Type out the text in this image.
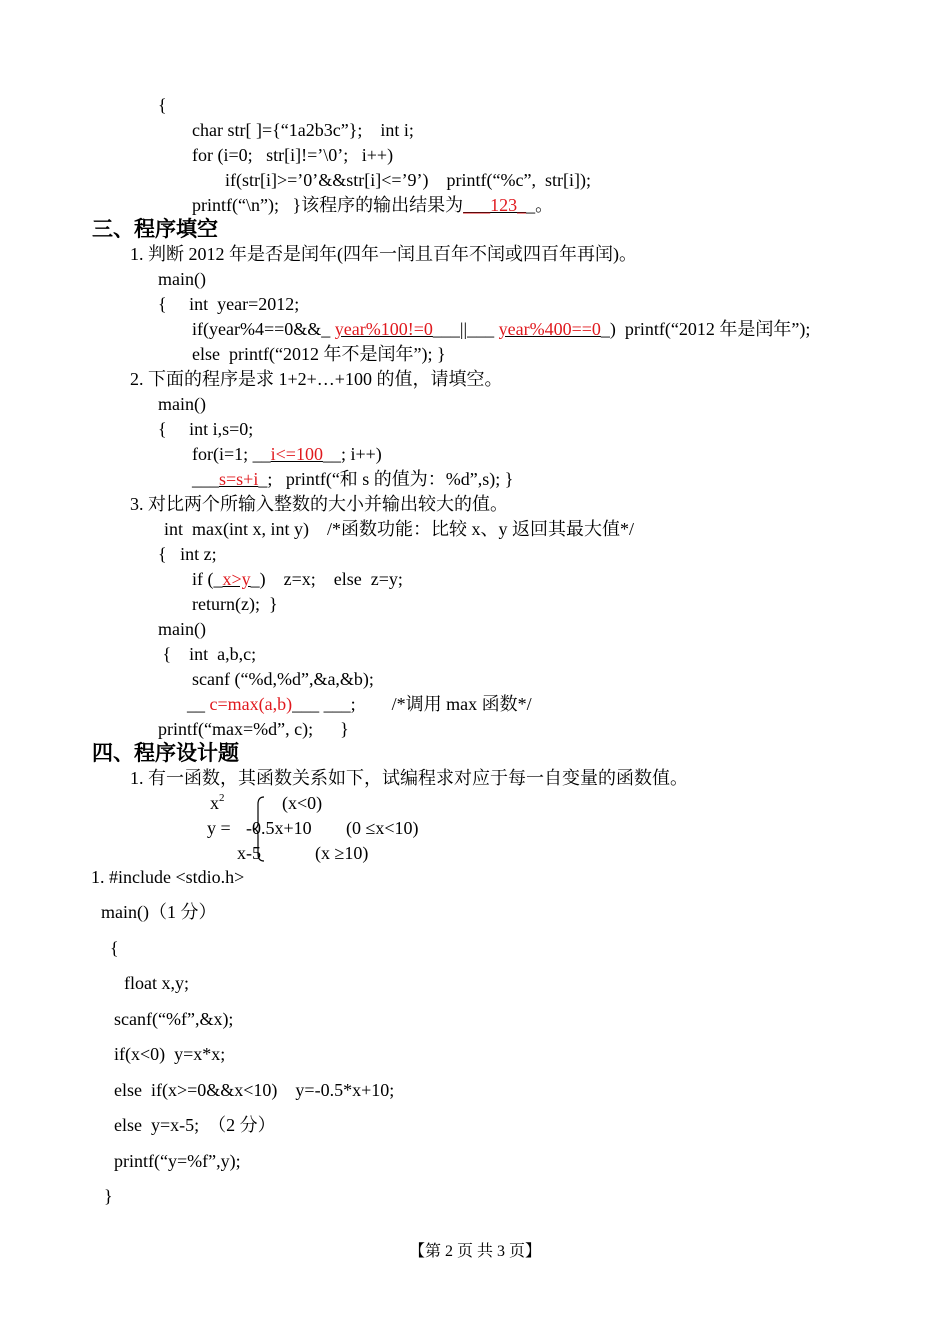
{
char str[ ]={“1a2b3c”};    int i;
for (i=0;   str[i]!=’\0’;   i++)
if(str[i]>=’0’&&str[i]<=’9’)    printf(“%c”,  str[i]);
printf(“\n”);   }该程序的输出结果为___123__。
三、程序填空
1. 判断 2012 年是否是闰年(四年一闰且百年不闰或四百年再闰)。
main()
{     int  year=2012;
if(year%4==0&&_ year%100!=0___||___ year%400==0_)  printf(“2012 年是闰年”);
else  printf(“2012 年不是闰年”); }
2. 下面的程序是求 1+2+…+100 的值，请填空。
main()
{     int i,s=0;
for(i=1; __i<=100__; i++)
___s=s+i_;   printf(“和 s 的值为：%d”,s); }
3. 对比两个所输入整数的大小并输出较大的值。
int  max(int x, int y)    /*函数功能：比较 x、y 返回其最大值*/
{   int z;
if (_x>y_)    z=x;    else  z=y;
return(z);  }
main()
{    int  a,b,c;
scanf (“%d,%d”,&a,&b);
__ c=max(a,b)___ ___;        /*调用 max 函数*/
printf(“max=%d”, c);      }
四、程序设计题
1. 有一函数，其函数关系如下，试编程求对应于每一自变量的函数值。
$x^2$	(x<0)
y = -0.5x+10 (0 ≤x<10)
x-5	(x ≥10)
1. #include <stdio.h>
main()（1 分）
{
float x,y;
scanf(“%f”,&x);
if(x<0)  y=x*x;
else  if(x>=0&&x<10)    y=-0.5*x+10;
else  y=x-5;  （2 分）
printf(“y=%f”,y);
}
【第 2 页 共 3 页】
